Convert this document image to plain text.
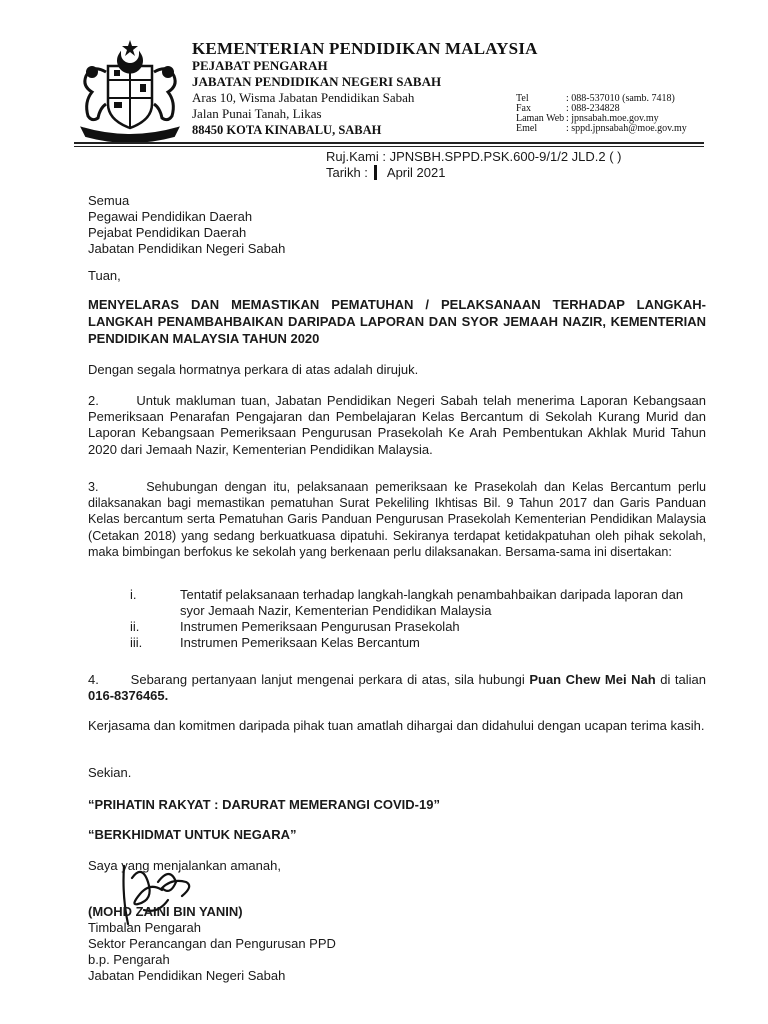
KEMENTERIAN PENDIDIKAN MALAYSIA
PEJABAT PENGARAH
JABATAN PENDIDIKAN NEGERI SABAH
Aras 10, Wisma Jabatan Pendidikan Sabah
Jalan Punai Tanah, Likas
88450 KOTA KINABALU, SABAH
Tel	: 088-537010 (samb. 7418)
Fax	: 088-234828
Laman Web : jpnsabah.moe.gov.my
Emel	: sppd.jpnsabah@moe.gov.my
Ruj.Kami : JPNSBH.SPPD.PSK.600-9/1/2 JLD.2 ( )
Tarikh : April 2021
Semua
Pegawai Pendidikan Daerah
Pejabat Pendidikan Daerah
Jabatan Pendidikan Negeri Sabah
Tuan,
MENYELARAS DAN MEMASTIKAN PEMATUHAN / PELAKSANAAN TERHADAP LANGKAH-LANGKAH PENAMBAHBAIKAN DARIPADA LAPORAN DAN SYOR JEMAAH NAZIR, KEMENTERIAN PENDIDIKAN MALAYSIA TAHUN 2020
Dengan segala hormatnya perkara di atas adalah dirujuk.
2.       Untuk makluman tuan, Jabatan Pendidikan Negeri Sabah telah menerima Laporan Kebangsaan Pemeriksaan Penarafan Pengajaran dan Pembelajaran Kelas Bercantum di Sekolah Kurang Murid dan Laporan Kebangsaan Pemeriksaan Pengurusan Prasekolah Ke Arah Pembentukan Akhlak Murid Tahun 2020 dari Jemaah Nazir, Kementerian Pendidikan Malaysia.
3.       Sehubungan dengan itu, pelaksanaan pemeriksaan ke Prasekolah dan Kelas Bercantum perlu dilaksanakan bagi memastikan pematuhan Surat Pekeliling Ikhtisas Bil. 9 Tahun 2017 dan Garis Panduan Kelas bercantum serta Pematuhan Garis Panduan Pengurusan Prasekolah Kementerian Pendidikan Malaysia (Cetakan 2018) yang sedang berkuatkuasa dipatuhi. Sekiranya terdapat ketidakpatuhan oleh pihak sekolah, maka bimbingan berfokus ke sekolah yang berkenaan perlu dilaksanakan. Bersama-sama ini disertakan:
i.	Tentatif pelaksanaan terhadap langkah-langkah penambahbaikan daripada laporan dan syor Jemaah Nazir, Kementerian Pendidikan Malaysia
ii.	Instrumen Pemeriksaan Pengurusan Prasekolah
iii.	Instrumen Pemeriksaan Kelas Bercantum
4.       Sebarang pertanyaan lanjut mengenai perkara di atas, sila hubungi Puan Chew Mei Nah di talian 016-8376465.
Kerjasama dan komitmen daripada pihak tuan amatlah dihargai dan didahului dengan ucapan terima kasih.
Sekian.
“PRIHATIN RAKYAT : DARURAT MEMERANGI COVID-19”
“BERKHIDMAT UNTUK NEGARA”
Saya yang menjalankan amanah,
(MOHD ZAINI BIN YANIN)
Timbalan Pengarah
Sektor Perancangan dan Pengurusan PPD
b.p. Pengarah
Jabatan Pendidikan Negeri Sabah
